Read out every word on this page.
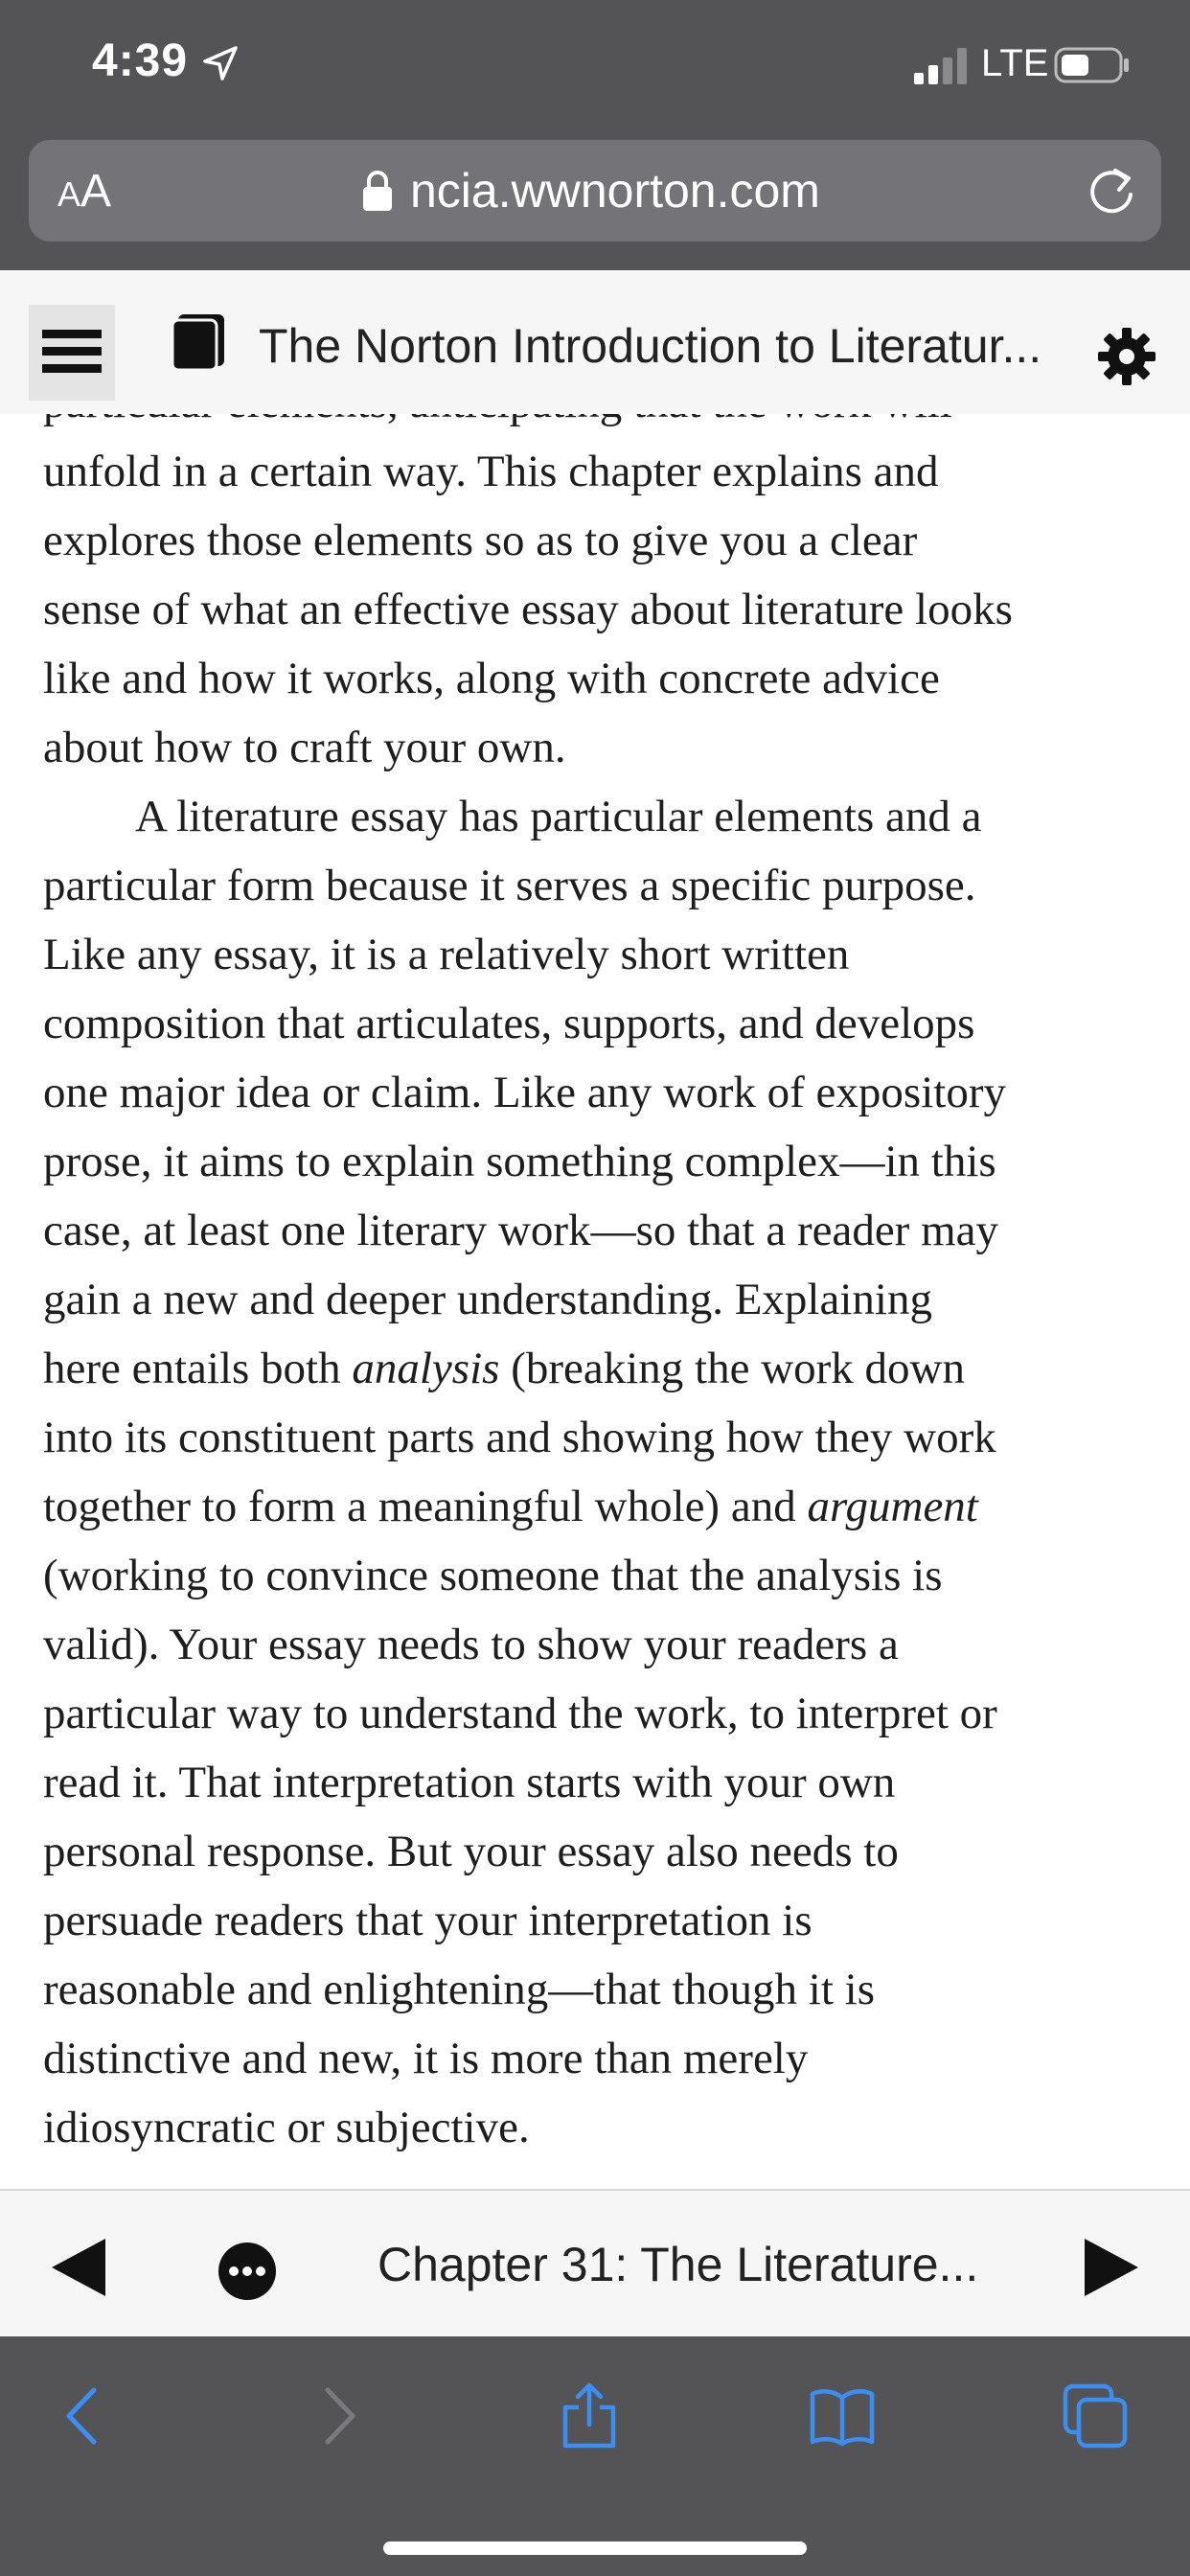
4:39	LTE
AA	ncia.wwnorton.com
The Norton Introduction to Literatur...
unfold in a certain way. This chapter explains and
explores those elements so as to give you a clear
sense of what an effective essay about literature looks
like and how it works, along with concrete advice
about how to craft your own.
A literature essay has particular elements and a
particular form because it serves a specific purpose.
Like any essay, it is a relatively short written
composition that articulates, supports, and develops
one major idea or claim. Like any work of expository
prose, it aims to explain something complex—in this
case, at least one literary work—so that a reader may
gain a new and deeper understanding. Explaining
here entails both analysis (breaking the work down
into its constituent parts and showing how they work
together to form a meaningful whole) and argument
(working to convince someone that the analysis is
valid). Your essay needs to show your readers a
particular way to understand the work, to interpret or
read it. That interpretation starts with your own
personal response. But your essay also needs to
persuade readers that your interpretation is
reasonable and enlightening—that though it is
distinctive and new, it is more than merely
idiosyncratic or subjective.
Chapter 31: The Literature...
